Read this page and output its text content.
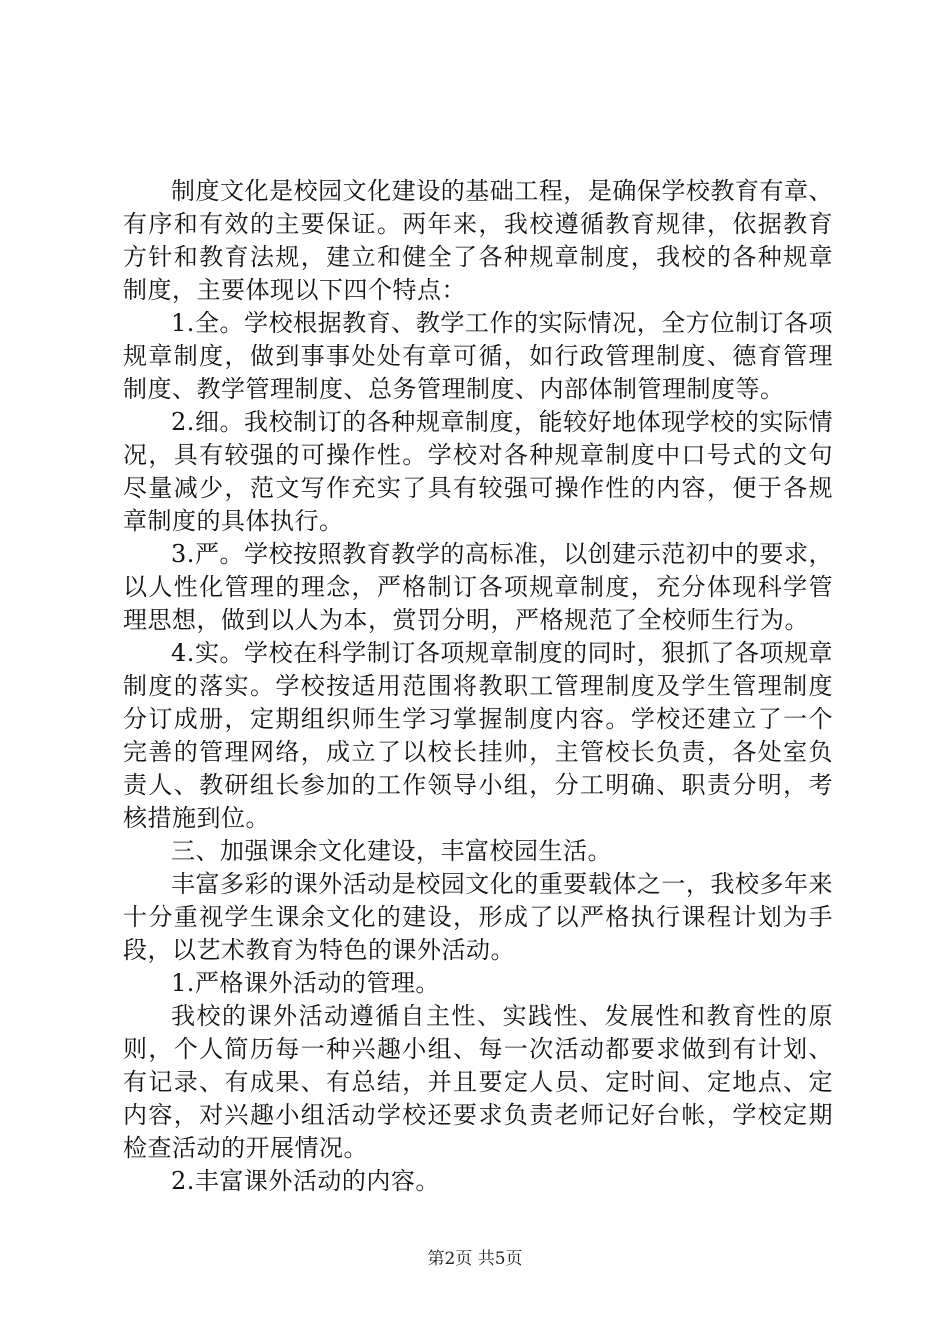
制度文化是校园文化建设的基础工程，是确保学校教育有章、有序和有效的主要保证。两年来，我校遵循教育规律，依据教育方针和教育法规，建立和健全了各种规章制度，我校的各种规章制度，主要体现以下四个特点：

1.全。学校根据教育、教学工作的实际情况，全方位制订各项规章制度，做到事事处处有章可循，如行政管理制度、德育管理制度、教学管理制度、总务管理制度、内部体制管理制度等。

2.细。我校制订的各种规章制度，能较好地体现学校的实际情况，具有较强的可操作性。学校对各种规章制度中口号式的文句尽量减少，范文写作充实了具有较强可操作性的内容，便于各规章制度的具体执行。

3.严。学校按照教育教学的高标准，以创建示范初中的要求，以人性化管理的理念，严格制订各项规章制度，充分体现科学管理思想，做到以人为本，赏罚分明，严格规范了全校师生行为。

4.实。学校在科学制订各项规章制度的同时，狠抓了各项规章制度的落实。学校按适用范围将教职工管理制度及学生管理制度分订成册，定期组织师生学习掌握制度内容。学校还建立了一个完善的管理网络，成立了以校长挂帅，主管校长负责，各处室负责人、教研组长参加的工作领导小组，分工明确、职责分明，考核措施到位。

三、加强课余文化建设，丰富校园生活。

丰富多彩的课外活动是校园文化的重要载体之一，我校多年来十分重视学生课余文化的建设，形成了以严格执行课程计划为手段，以艺术教育为特色的课外活动。

1.严格课外活动的管理。

我校的课外活动遵循自主性、实践性、发展性和教育性的原则，个人简历每一种兴趣小组、每一次活动都要求做到有计划、有记录、有成果、有总结，并且要定人员、定时间、定地点、定内容，对兴趣小组活动学校还要求负责老师记好台帐，学校定期检查活动的开展情况。

2.丰富课外活动的内容。

第2页 共5页
